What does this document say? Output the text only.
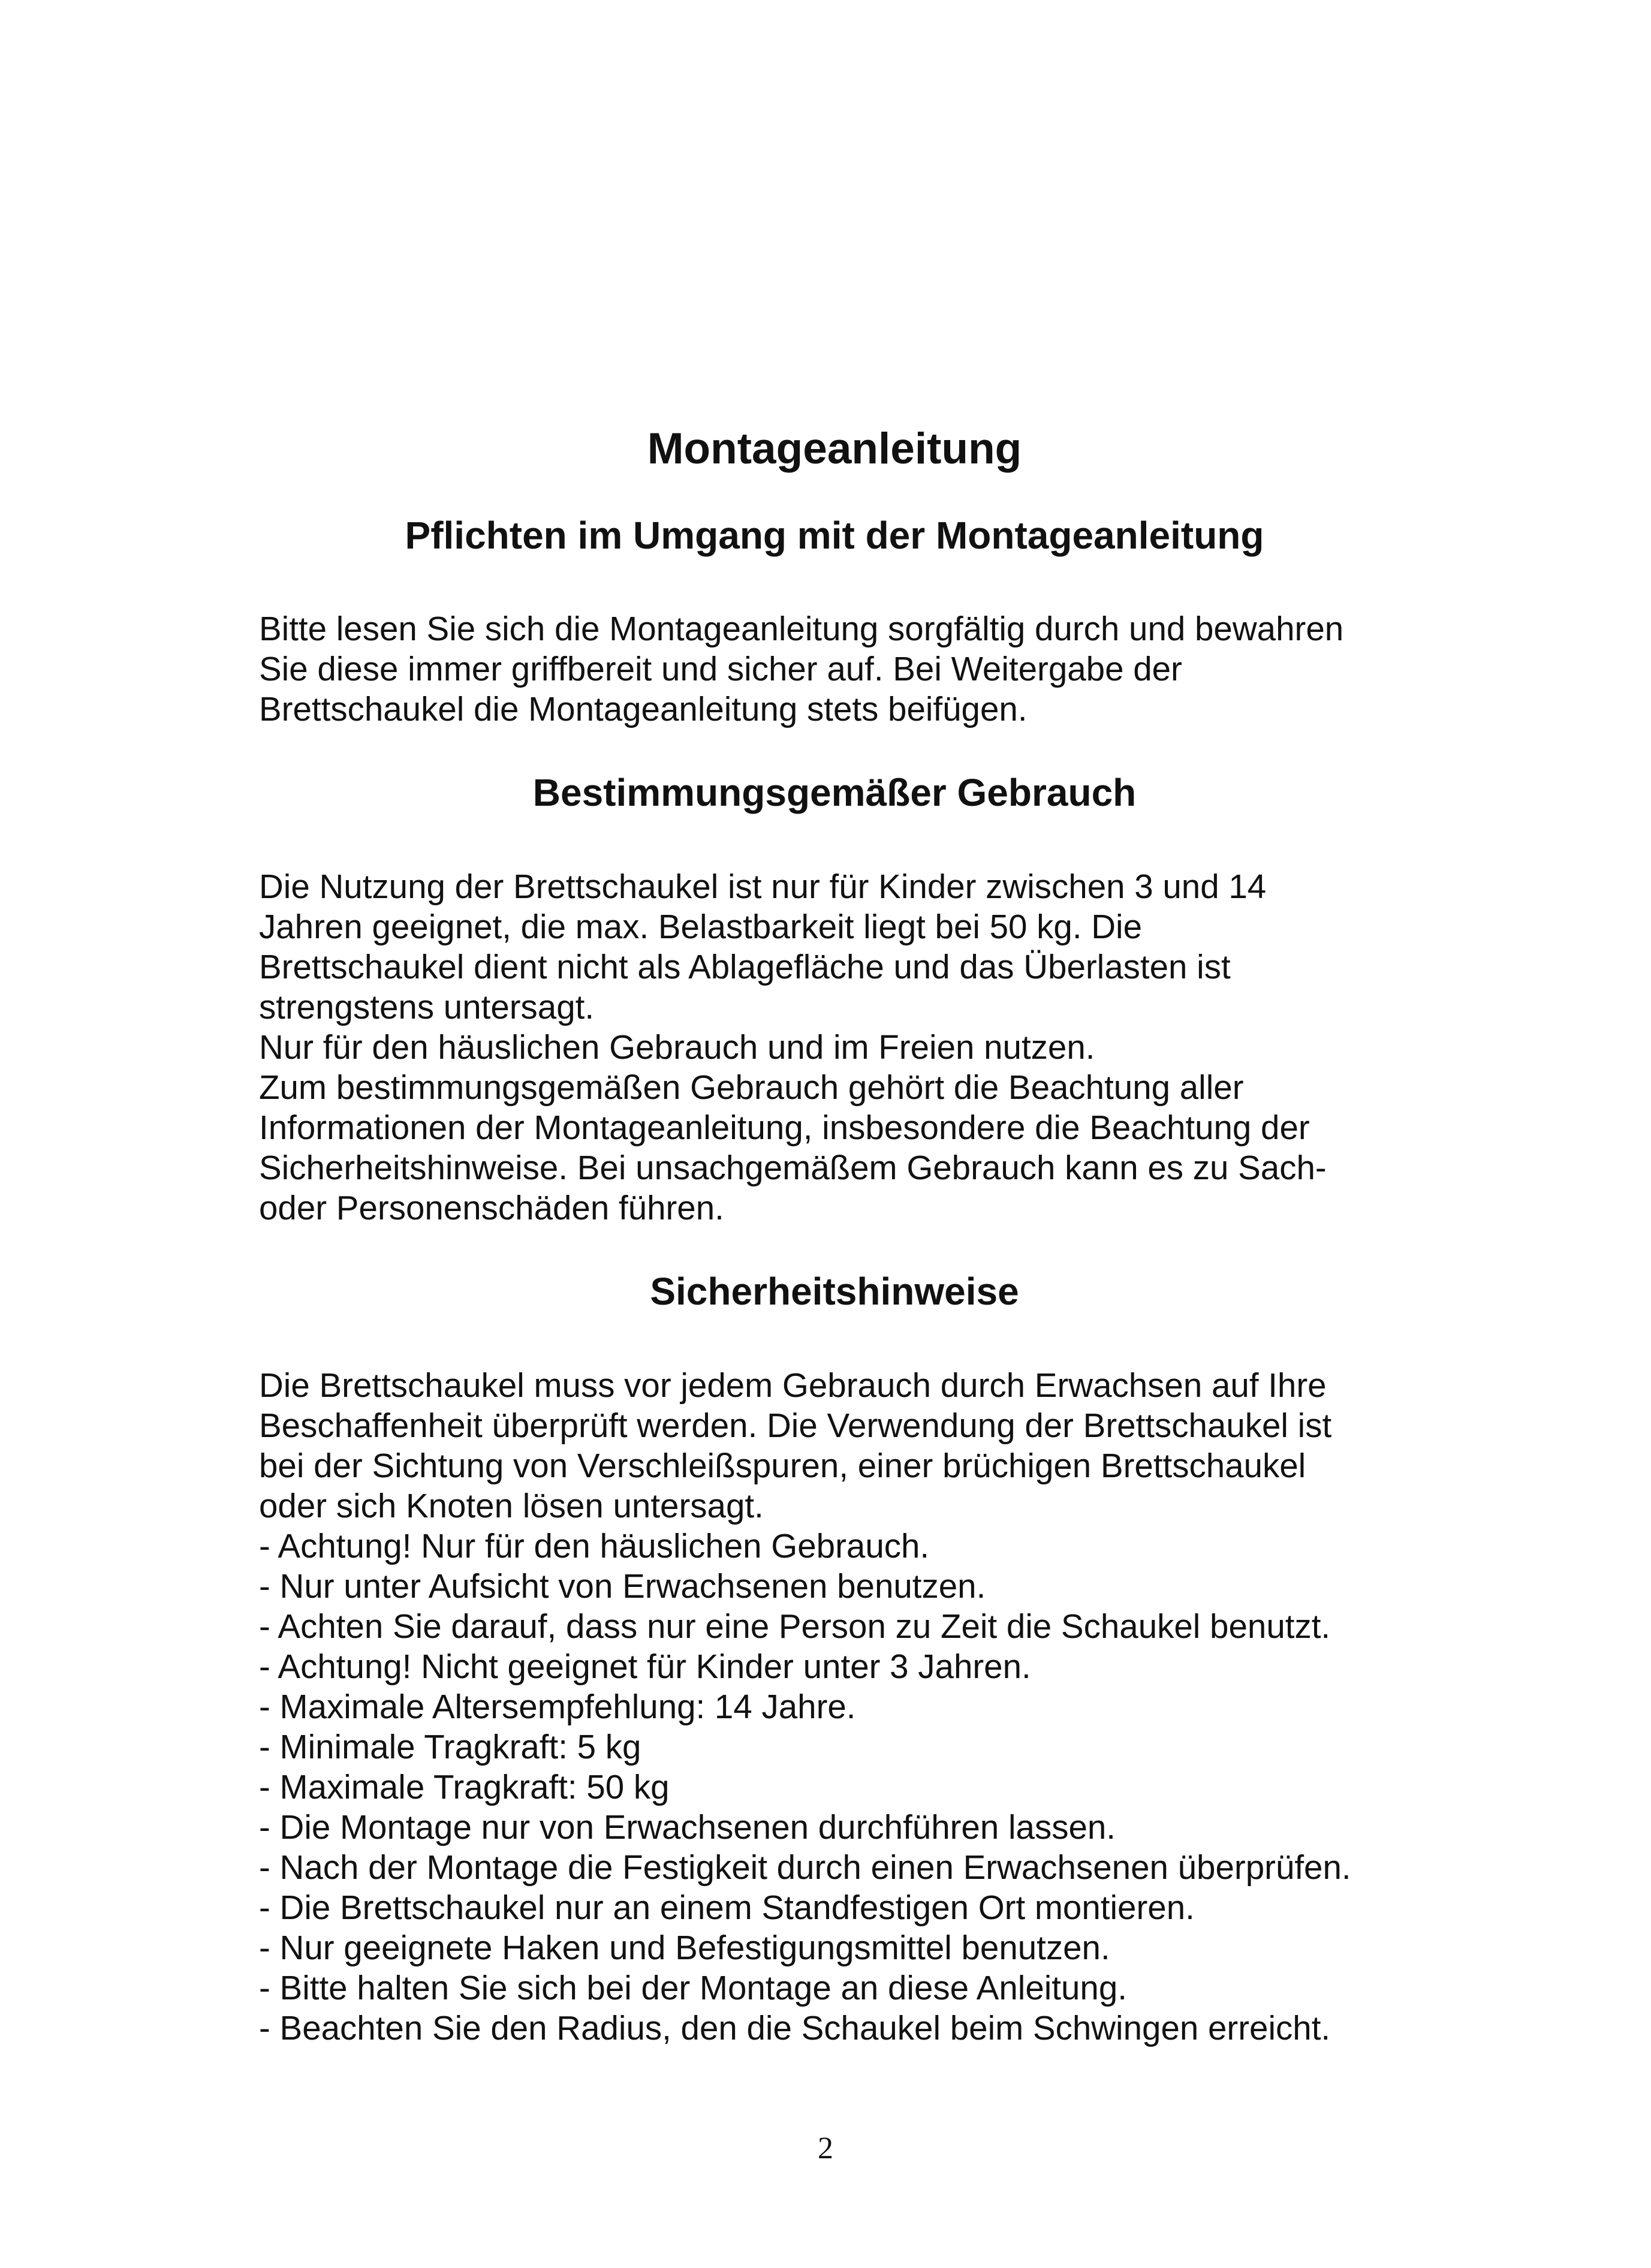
Montageanleitung
Pflichten im Umgang mit der Montageanleitung

Bitte lesen Sie sich die Montageanleitung sorgfältig durch und bewahren
Sie diese immer griffbereit und sicher auf. Bei Weitergabe der
Brettschaukel die Montageanleitung stets beifügen.

Bestimmungsgemäßer Gebrauch

Die Nutzung der Brettschaukel ist nur für Kinder zwischen 3 und 14
Jahren geeignet, die max. Belastbarkeit liegt bei 50 kg. Die
Brettschaukel dient nicht als Ablagefläche und das Überlasten ist
strengstens untersagt.
Nur für den häuslichen Gebrauch und im Freien nutzen.
Zum bestimmungsgemäßen Gebrauch gehört die Beachtung aller
Informationen der Montageanleitung, insbesondere die Beachtung der
Sicherheitshinweise. Bei unsachgemäßem Gebrauch kann es zu Sach-
oder Personenschäden führen.

Sicherheitshinweise

Die Brettschaukel muss vor jedem Gebrauch durch Erwachsen auf Ihre
Beschaffenheit überprüft werden. Die Verwendung der Brettschaukel ist
bei der Sichtung von Verschleißspuren, einer brüchigen Brettschaukel
oder sich Knoten lösen untersagt.
- Achtung! Nur für den häuslichen Gebrauch.
- Nur unter Aufsicht von Erwachsenen benutzen.
- Achten Sie darauf, dass nur eine Person zu Zeit die Schaukel benutzt.
- Achtung! Nicht geeignet für Kinder unter 3 Jahren.
- Maximale Altersempfehlung: 14 Jahre.
- Minimale Tragkraft: 5 kg
- Maximale Tragkraft: 50 kg
- Die Montage nur von Erwachsenen durchführen lassen.
- Nach der Montage die Festigkeit durch einen Erwachsenen überprüfen.
- Die Brettschaukel nur an einem Standfestigen Ort montieren.
- Nur geeignete Haken und Befestigungsmittel benutzen.
- Bitte halten Sie sich bei der Montage an diese Anleitung.
- Beachten Sie den Radius, den die Schaukel beim Schwingen erreicht.

2
